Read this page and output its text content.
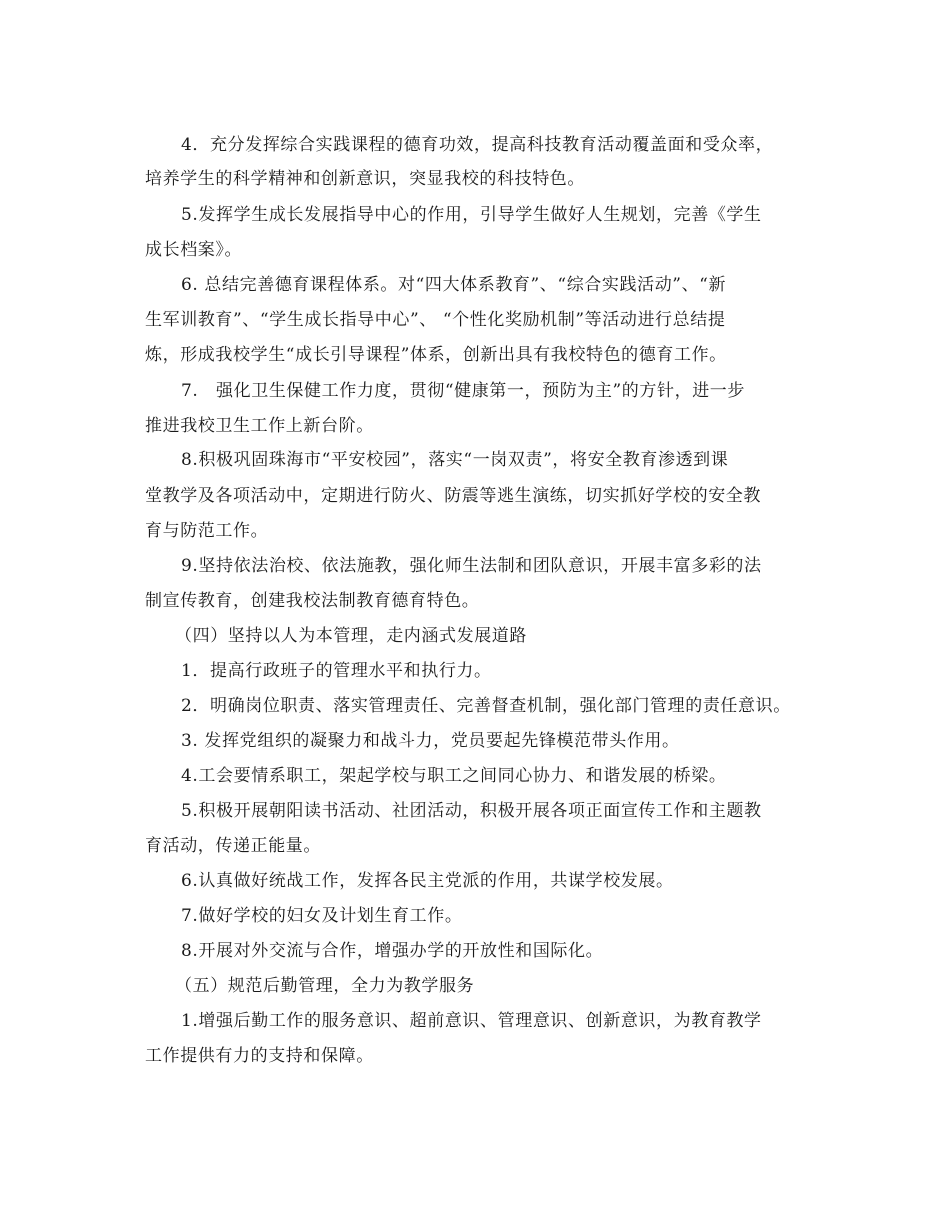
4．充分发挥综合实践课程的德育功效，提高科技教育活动覆盖面和受众率，
培养学生的科学精神和创新意识，突显我校的科技特色。
5.发挥学生成长发展指导中心的作用，引导学生做好人生规划，完善《学生
成长档案》。
6. 总结完善德育课程体系。对“四大体系教育”、“综合实践活动”、“新
生军训教育”、“学生成长指导中心”、 “个性化奖励机制”等活动进行总结提
炼，形成我校学生“成长引导课程”体系，创新出具有我校特色的德育工作。
7.　强化卫生保健工作力度，贯彻“健康第一，预防为主”的方针，进一步
推进我校卫生工作上新台阶。
8.积极巩固珠海市“平安校园”，落实“一岗双责”，将安全教育渗透到课
堂教学及各项活动中，定期进行防火、防震等逃生演练，切实抓好学校的安全教
育与防范工作。
9.坚持依法治校、依法施教，强化师生法制和团队意识，开展丰富多彩的法
制宣传教育，创建我校法制教育德育特色。
（四）坚持以人为本管理，走内涵式发展道路
1．提高行政班子的管理水平和执行力。
2．明确岗位职责、落实管理责任、完善督查机制，强化部门管理的责任意识。
3. 发挥党组织的凝聚力和战斗力，党员要起先锋模范带头作用。
4.工会要情系职工，架起学校与职工之间同心协力、和谐发展的桥梁。
5.积极开展朝阳读书活动、社团活动，积极开展各项正面宣传工作和主题教
育活动，传递正能量。
6.认真做好统战工作，发挥各民主党派的作用，共谋学校发展。
7.做好学校的妇女及计划生育工作。
8.开展对外交流与合作，增强办学的开放性和国际化。
（五）规范后勤管理，全力为教学服务
1.增强后勤工作的服务意识、超前意识、管理意识、创新意识，为教育教学
工作提供有力的支持和保障。
